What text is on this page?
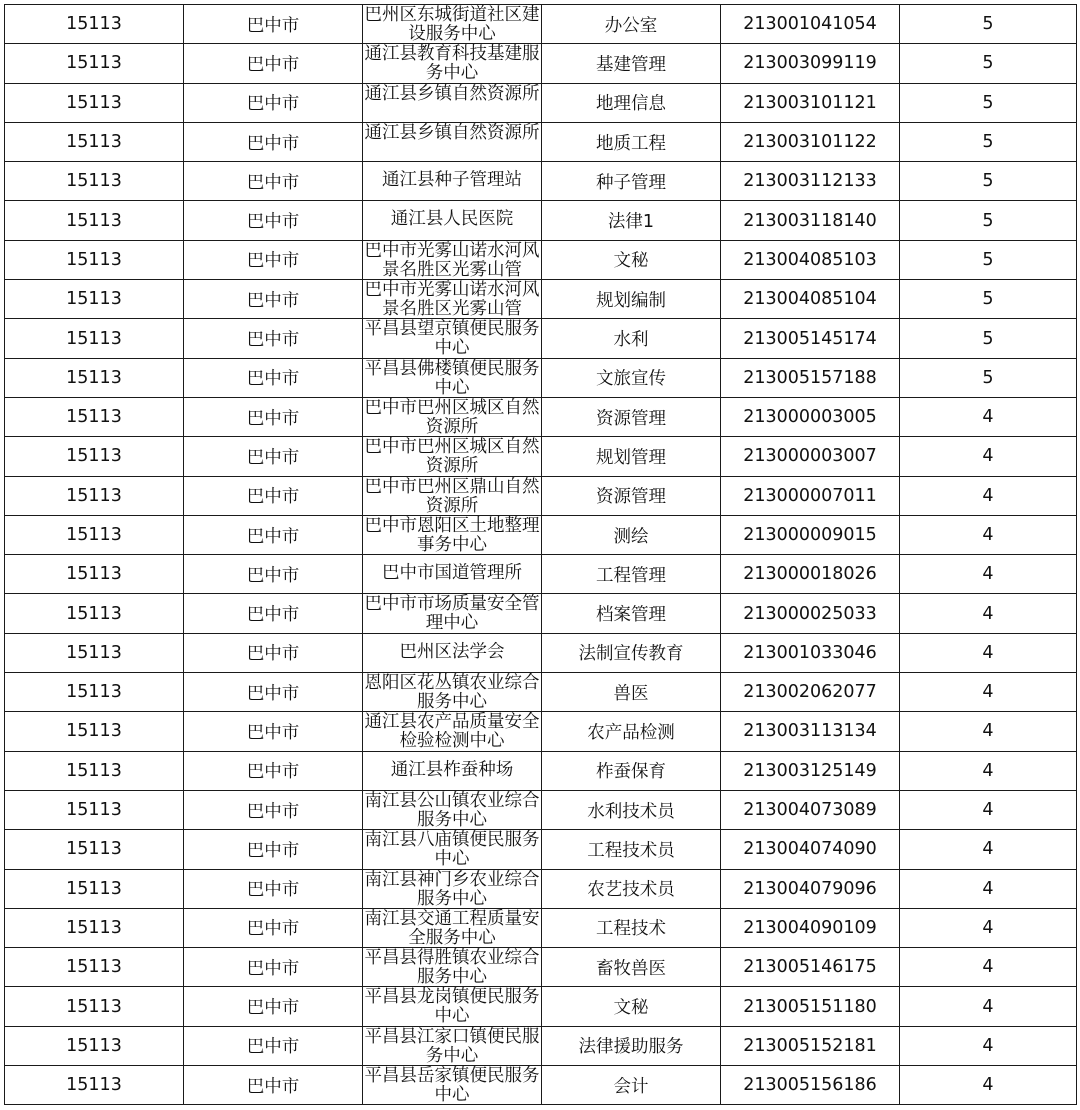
15113	巴中市	巴州区东城街道社区建设服务中心	办公室	213001041054	5
15113	巴中市	通江县教育科技基建服务中心	基建管理	213003099119	5
15113	巴中市	通江县乡镇自然资源所	地理信息	213003101121	5
15113	巴中市	通江县乡镇自然资源所	地质工程	213003101122	5
15113	巴中市	通江县种子管理站	种子管理	213003112133	5
15113	巴中市	通江县人民医院	法律1	213003118140	5
15113	巴中市	巴中市光雾山诺水河风景名胜区光雾山管	文秘	213004085103	5
15113	巴中市	巴中市光雾山诺水河风景名胜区光雾山管	规划编制	213004085104	5
15113	巴中市	平昌县望京镇便民服务中心	水利	213005145174	5
15113	巴中市	平昌县佛楼镇便民服务中心	文旅宣传	213005157188	5
15113	巴中市	巴中市巴州区城区自然资源所	资源管理	213000003005	4
15113	巴中市	巴中市巴州区城区自然资源所	规划管理	213000003007	4
15113	巴中市	巴中市巴州区鼎山自然资源所	资源管理	213000007011	4
15113	巴中市	巴中市恩阳区土地整理事务中心	测绘	213000009015	4
15113	巴中市	巴中市国道管理所	工程管理	213000018026	4
15113	巴中市	巴中市市场质量安全管理中心	档案管理	213000025033	4
15113	巴中市	巴州区法学会	法制宣传教育	213001033046	4
15113	巴中市	恩阳区花丛镇农业综合服务中心	兽医	213002062077	4
15113	巴中市	通江县农产品质量安全检验检测中心	农产品检测	213003113134	4
15113	巴中市	通江县柞蚕种场	柞蚕保育	213003125149	4
15113	巴中市	南江县公山镇农业综合服务中心	水利技术员	213004073089	4
15113	巴中市	南江县八庙镇便民服务中心	工程技术员	213004074090	4
15113	巴中市	南江县神门乡农业综合服务中心	农艺技术员	213004079096	4
15113	巴中市	南江县交通工程质量安全服务中心	工程技术	213004090109	4
15113	巴中市	平昌县得胜镇农业综合服务中心	畜牧兽医	213005146175	4
15113	巴中市	平昌县龙岗镇便民服务中心	文秘	213005151180	4
15113	巴中市	平昌县江家口镇便民服务中心	法律援助服务	213005152181	4
15113	巴中市	平昌县岳家镇便民服务中心	会计	213005156186	4
